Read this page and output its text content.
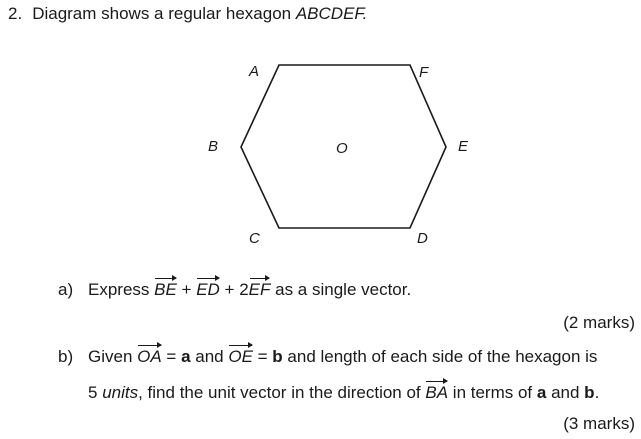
2. Diagram shows a regular hexagon ABCDEF.
A	F
B	O	E
C	D
a) Express BE + ED + 2EF as a single vector.
(2 marks)
b) Given OA = a and OE = b and length of each side of the hexagon is
5 units, find the unit vector in the direction of BA in terms of a and b.
(3 marks)
